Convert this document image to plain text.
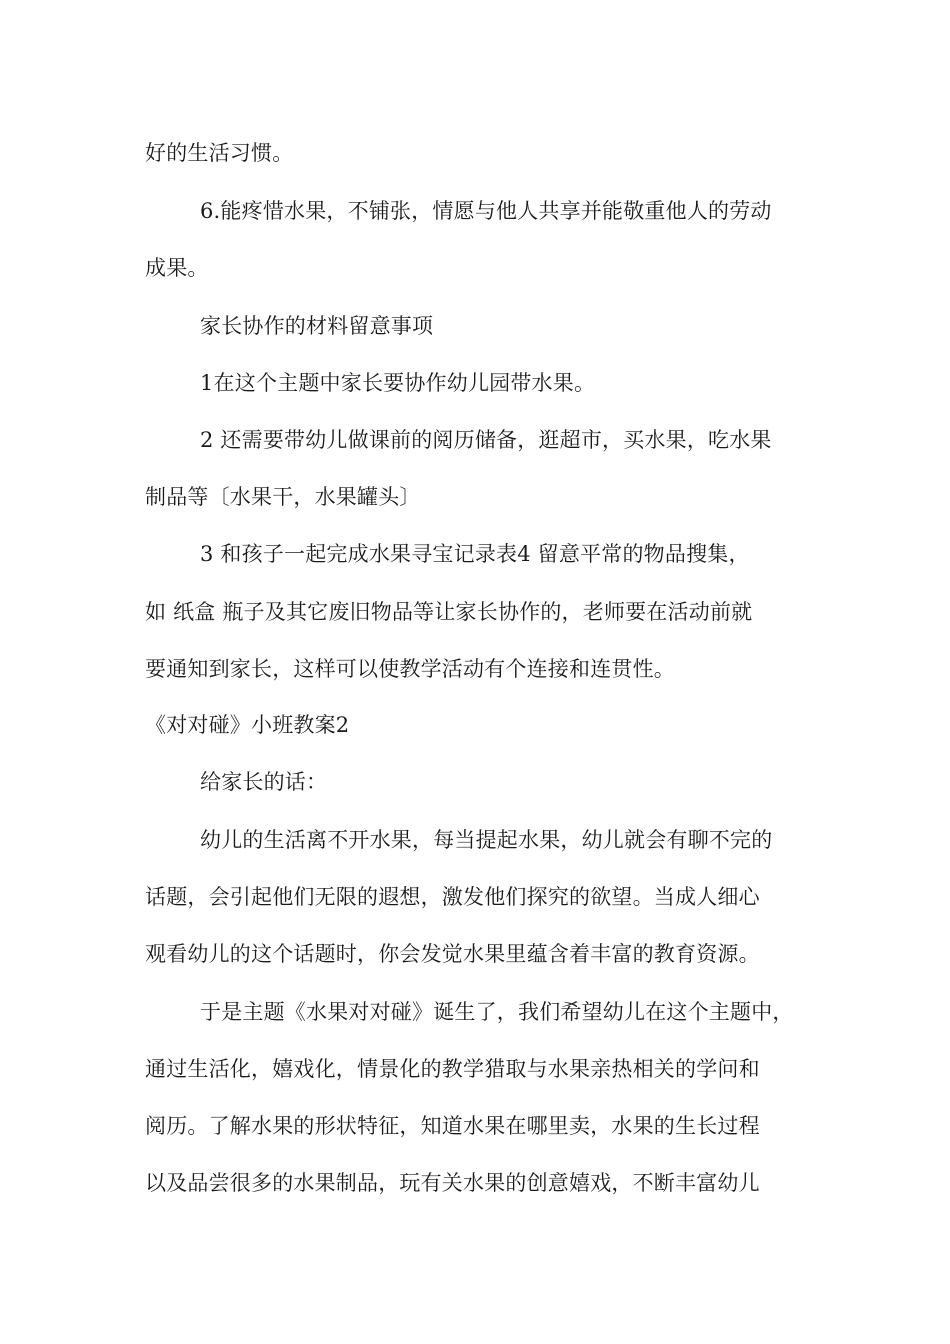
好的生活习惯。
6.能疼惜水果，不铺张，情愿与他人共享并能敬重他人的劳动
成果。
家长协作的材料留意事项
1在这个主题中家长要协作幼儿园带水果。
2 还需要带幼儿做课前的阅历储备，逛超市，买水果，吃水果
制品等〔水果干，水果罐头〕
3 和孩子一起完成水果寻宝记录表4 留意平常的物品搜集，
如 纸盒 瓶子及其它废旧物品等让家长协作的，老师要在活动前就
要通知到家长，这样可以使教学活动有个连接和连贯性。
《对对碰》小班教案2
给家长的话：
幼儿的生活离不开水果，每当提起水果，幼儿就会有聊不完的
话题，会引起他们无限的遐想，激发他们探究的欲望。当成人细心
观看幼儿的这个话题时，你会发觉水果里蕴含着丰富的教育资源。
于是主题《水果对对碰》诞生了，我们希望幼儿在这个主题中，
通过生活化，嬉戏化，情景化的教学猎取与水果亲热相关的学问和
阅历。了解水果的形状特征，知道水果在哪里卖，水果的生长过程
以及品尝很多的水果制品，玩有关水果的创意嬉戏，不断丰富幼儿
